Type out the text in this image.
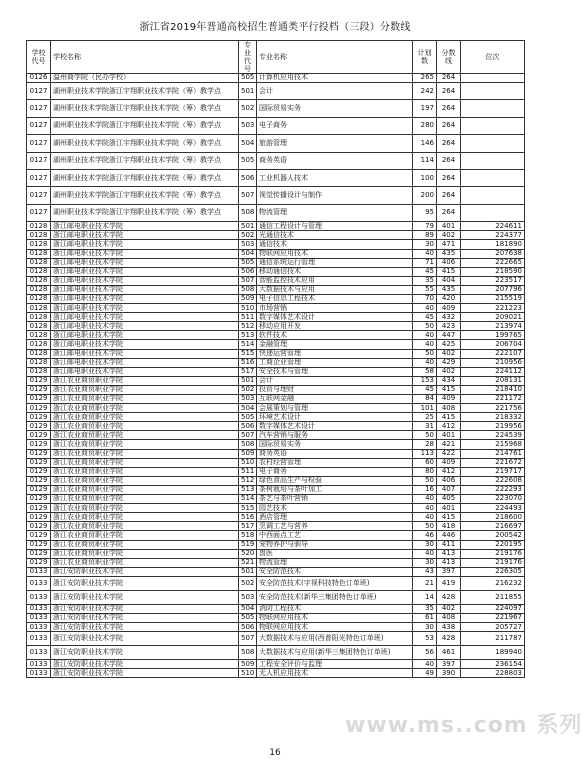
浙江省2019年普通高校招生普通类平行投档（三段）分数线
学校代号	学校名称	专业代号	专业名称	计划数	分数线	位次
0126	温州商学院（民办学校）	505	计算机应用技术	265	264	
0127	湖州职业技术学院浙江宇翔职业技术学院（筹）教学点	501	会计	242	264	
0127	湖州职业技术学院浙江宇翔职业技术学院（筹）教学点	502	国际贸易实务	197	264	
0127	湖州职业技术学院浙江宇翔职业技术学院（筹）教学点	503	电子商务	280	264	
0127	湖州职业技术学院浙江宇翔职业技术学院（筹）教学点	504	旅游管理	146	264	
0127	湖州职业技术学院浙江宇翔职业技术学院（筹）教学点	505	商务英语	114	264	
0127	湖州职业技术学院浙江宇翔职业技术学院（筹）教学点	506	工业机器人技术	100	264	
0127	湖州职业技术学院浙江宇翔职业技术学院（筹）教学点	507	视觉传播设计与制作	200	264	
0127	湖州职业技术学院浙江宇翔职业技术学院（筹）教学点	508	物流管理	95	264	
0128	浙江邮电职业技术学院	501	通信工程设计与管理	79	401	224611
0128	浙江邮电职业技术学院	502	光通信技术	89	402	224377
0128	浙江邮电职业技术学院	503	通信技术	30	471	181890
0128	浙江邮电职业技术学院	504	物联网应用技术	40	435	207638
0128	浙江邮电职业技术学院	505	通信系统运行管理	71	406	222665
0128	浙江邮电职业技术学院	506	移动通信技术	45	415	218590
0128	浙江邮电职业技术学院	507	智能监控技术应用	35	404	223517
0128	浙江邮电职业技术学院	508	大数据技术与应用	55	435	207796
0128	浙江邮电职业技术学院	509	电子信息工程技术	70	420	215519
0128	浙江邮电职业技术学院	510	市场营销	40	409	221223
0128	浙江邮电职业技术学院	511	数字媒体艺术设计	45	432	209021
0128	浙江邮电职业技术学院	512	移动应用开发	50	423	213974
0128	浙江邮电职业技术学院	513	软件技术	40	447	199765
0128	浙江邮电职业技术学院	514	金融管理	40	425	206704
0128	浙江邮电职业技术学院	515	快递运营管理	50	402	222107
0128	浙江邮电职业技术学院	516	工商企业管理	40	429	210956
0128	浙江邮电职业技术学院	517	安全技术与管理	58	402	224112
0129	浙江农业商贸职业学院	501	会计	153	434	208131
0129	浙江农业商贸职业学院	502	投资与理财	45	415	218410
0129	浙江农业商贸职业学院	503	互联网金融	84	409	221172
0129	浙江农业商贸职业学院	504	会展策划与管理	101	408	221756
0129	浙江农业商贸职业学院	505	环境艺术设计	25	415	218332
0129	浙江农业商贸职业学院	506	数字媒体艺术设计	31	412	219956
0129	浙江农业商贸职业学院	507	汽车营销与服务	50	401	224539
0129	浙江农业商贸职业学院	508	国际贸易实务	28	421	215968
0129	浙江农业商贸职业学院	509	商务英语	113	422	214761
0129	浙江农业商贸职业学院	510	农村经营管理	60	409	221672
0129	浙江农业商贸职业学院	511	电子商务	80	412	219717
0129	浙江农业商贸职业学院	512	绿色食品生产与检验	50	406	222608
0129	浙江农业商贸职业学院	513	茶树栽培与茶叶加工	16	407	222293
0129	浙江农业商贸职业学院	514	茶艺与茶叶营销	40	405	223070
0129	浙江农业商贸职业学院	515	园艺技术	40	401	224493
0129	浙江农业商贸职业学院	516	酒店管理	40	415	218600
0129	浙江农业商贸职业学院	517	烹调工艺与营养	50	418	216697
0129	浙江农业商贸职业学院	518	中西面点工艺	46	446	200542
0129	浙江农业商贸职业学院	519	宠物养护与驯导	30	411	220195
0129	浙江农业商贸职业学院	520	兽医	40	413	219176
0129	浙江农业商贸职业学院	521	物流管理	30	413	219176
0133	浙江安防职业技术学院	501	安全防范技术	43	397	226305
0133	浙江安防职业技术学院	502	安全防范技术(宇视科技特色订单班)	21	419	216232
0133	浙江安防职业技术学院	503	安全防范技术(新华三集团特色订单班)	14	428	211855
0133	浙江安防职业技术学院	504	消防工程技术	35	402	224097
0133	浙江安防职业技术学院	505	物联网应用技术	61	408	221967
0133	浙江安防职业技术学院	506	物联网应用技术	30	438	205727
0133	浙江安防职业技术学院	507	大数据技术与应用(西普阳光特色订单班)	53	428	211787
0133	浙江安防职业技术学院	508	大数据技术与应用(新华三集团特色订单班)	56	461	189940
0133	浙江安防职业技术学院	509	工程安全评价与监理	40	397	236154
0133	浙江安防职业技术学院	510	无人机应用技术	49	390	228803
www.ms..com 系列
16
